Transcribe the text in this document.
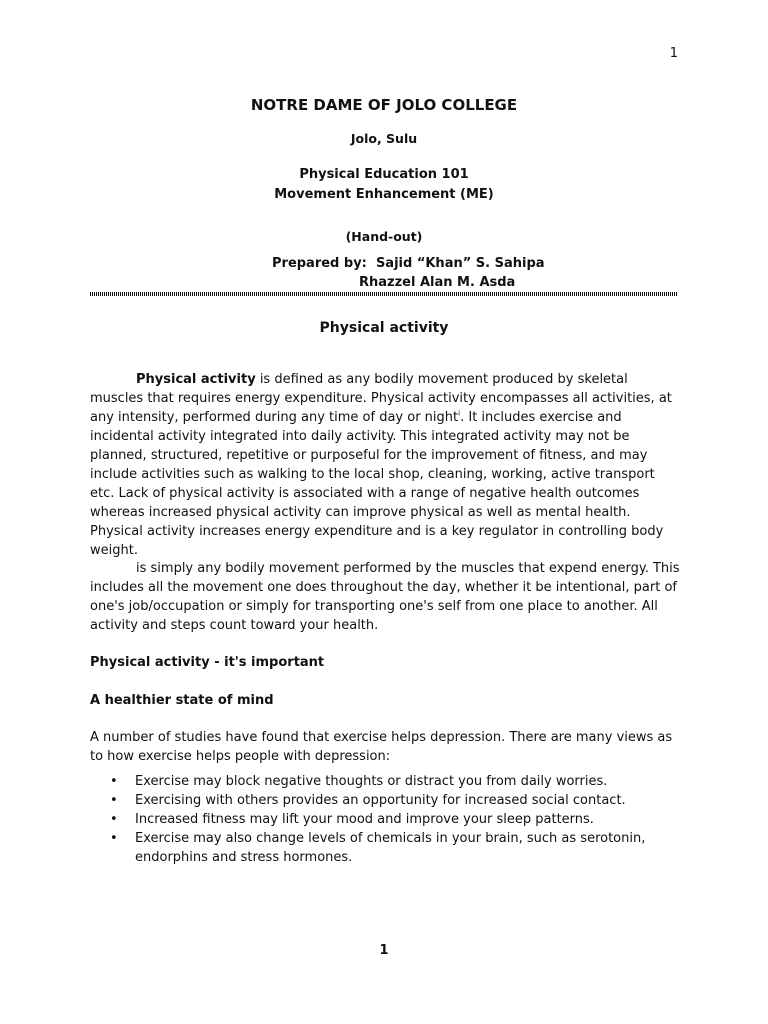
1

NOTRE DAME OF JOLO COLLEGE

Jolo, Sulu

Physical Education 101

Movement Enhancement (ME)

(Hand-out)

Prepared by: Sajid “Khan” S. Sahipa
Rhazzel Alan M. Asda
Physical activity

Physical activity is defined as any bodily movement produced by skeletal muscles that requires energy expenditure. Physical activity encompasses all activities, at any intensity, performed during any time of day or night$^i$. It includes exercise and incidental activity integrated into daily activity. This integrated activity may not be planned, structured, repetitive or purposeful for the improvement of fitness, and may include activities such as walking to the local shop, cleaning, working, active transport etc. Lack of physical activity is associated with a range of negative health outcomes whereas increased physical activity can improve physical as well as mental health. Physical activity increases energy expenditure and is a key regulator in controlling body weight.

is simply any bodily movement performed by the muscles that expend energy. This includes all the movement one does throughout the day, whether it be intentional, part of one's job/occupation or simply for transporting one's self from one place to another. All activity and steps count toward your health.

Physical activity - it's important

A healthier state of mind

A number of studies have found that exercise helps depression. There are many views as to how exercise helps people with depression:

• Exercise may block negative thoughts or distract you from daily worries.
• Exercising with others provides an opportunity for increased social contact.
• Increased fitness may lift your mood and improve your sleep patterns.
• Exercise may also change levels of chemicals in your brain, such as serotonin, endorphins and stress hormones.
1
